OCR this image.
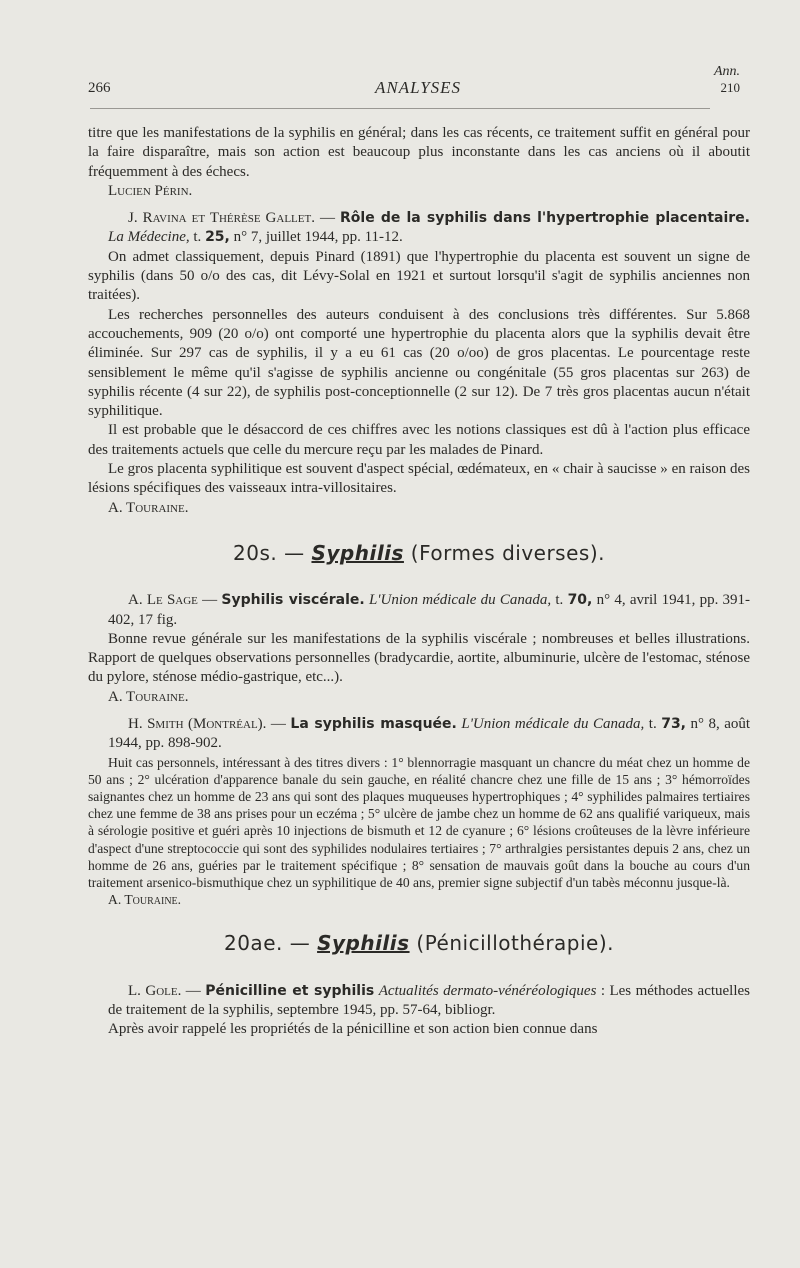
266	ANALYSES
Ann.
210

titre que les manifestations de la syphilis en général; dans les cas récents, ce traitement suffit en général pour la faire disparaître, mais son action est beaucoup plus inconstante dans les cas anciens où il aboutit fréquemment à des échecs.

Lucien Périn.

J. Ravina et Thérèse Gallet. — Rôle de la syphilis dans l'hypertrophie placentaire. La Médecine, t. 25, n° 7, juillet 1944, pp. 11-12.

On admet classiquement, depuis Pinard (1891) que l'hypertrophie du placenta est souvent un signe de syphilis (dans 50 o/o des cas, dit Lévy-Solal en 1921 et surtout lorsqu'il s'agit de syphilis anciennes non traitées).

Les recherches personnelles des auteurs conduisent à des conclusions très différentes. Sur 5.868 accouchements, 909 (20 o/o) ont comporté une hypertrophie du placenta alors que la syphilis devait être éliminée. Sur 297 cas de syphilis, il y a eu 61 cas (20 o/oo) de gros placentas. Le pourcentage reste sensiblement le même qu'il s'agisse de syphilis ancienne ou congénitale (55 gros placentas sur 263) de syphilis récente (4 sur 22), de syphilis post-conceptionnelle (2 sur 12). De 7 très gros placentas aucun n'était syphilitique.

Il est probable que le désaccord de ces chiffres avec les notions classiques est dû à l'action plus efficace des traitements actuels que celle du mercure reçu par les malades de Pinard.

Le gros placenta syphilitique est souvent d'aspect spécial, œdémateux, en « chair à saucisse » en raison des lésions spécifiques des vaisseaux intra-villositaires.

A. Touraine.

20s. — Syphilis (Formes diverses).

A. Le Sage — Syphilis viscérale. L'Union médicale du Canada, t. 70, n° 4, avril 1941, pp. 391-402, 17 fig.

Bonne revue générale sur les manifestations de la syphilis viscérale ; nombreuses et belles illustrations. Rapport de quelques observations personnelles (bradycardie, aortite, albuminurie, ulcère de l'estomac, sténose du pylore, sténose médio-gastrique, etc...).

A. Touraine.

H. Smith (Montréal). — La syphilis masquée. L'Union médicale du Canada, t. 73, n° 8, août 1944, pp. 898-902.

Huit cas personnels, intéressant à des titres divers : 1° blennorragie masquant un chancre du méat chez un homme de 50 ans ; 2° ulcération d'apparence banale du sein gauche, en réalité chancre chez une fille de 15 ans ; 3° hémorroïdes saignantes chez un homme de 23 ans qui sont des plaques muqueuses hypertrophiques ; 4° syphilides palmaires tertiaires chez une femme de 38 ans prises pour un eczéma ; 5° ulcère de jambe chez un homme de 62 ans qualifié variqueux, mais à sérologie positive et guéri après 10 injections de bismuth et 12 de cyanure ; 6° lésions croûteuses de la lèvre inférieure d'aspect d'une streptococcie qui sont des syphilides nodulaires tertiaires ; 7° arthralgies persistantes depuis 2 ans, chez un homme de 26 ans, guéries par le traitement spécifique ; 8° sensation de mauvais goût dans la bouche au cours d'un traitement arsenico-bismuthique chez un syphilitique de 40 ans, premier signe subjectif d'un tabès méconnu jusque-là.

A. Touraine.

20ae. — Syphilis (Pénicillothérapie).

L. Gole. — Pénicilline et syphilis Actualités dermato-vénéréologiques : Les méthodes actuelles de traitement de la syphilis, septembre 1945, pp. 57-64, bibliogr.

Après avoir rappelé les propriétés de la pénicilline et son action bien connue dans
